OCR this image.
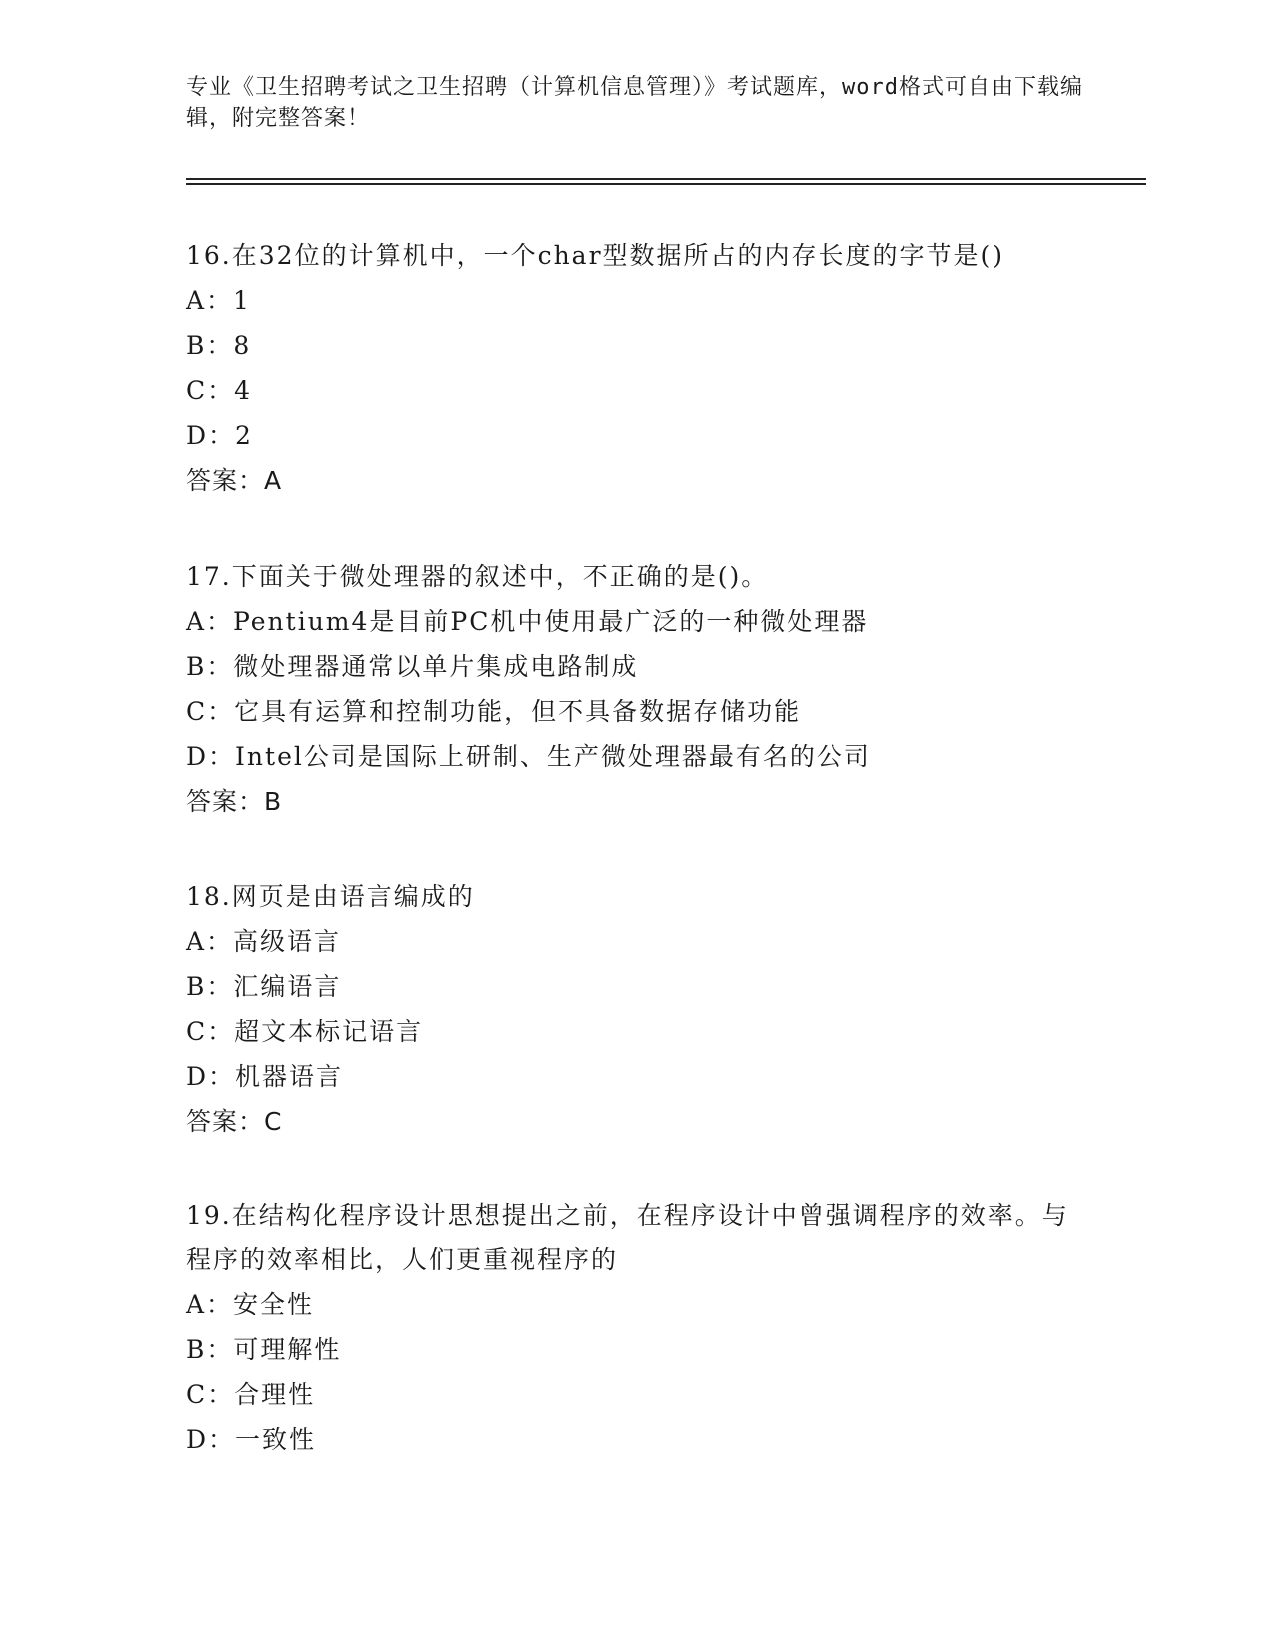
专业《卫生招聘考试之卫生招聘（计算机信息管理）》考试题库，word格式可自由下载编辑，附完整答案！
16.在32位的计算机中，一个char型数据所占的内存长度的字节是()
A：1
B：8
C：4
D：2
答案：A
17.下面关于微处理器的叙述中，不正确的是()。
A：Pentium4是目前PC机中使用最广泛的一种微处理器
B：微处理器通常以单片集成电路制成
C：它具有运算和控制功能，但不具备数据存储功能
D：Intel公司是国际上研制、生产微处理器最有名的公司
答案：B
18.网页是由语言编成的
A：高级语言
B：汇编语言
C：超文本标记语言
D：机器语言
答案：C
19.在结构化程序设计思想提出之前，在程序设计中曾强调程序的效率。与程序的效率相比，人们更重视程序的
A：安全性
B：可理解性
C：合理性
D：一致性
